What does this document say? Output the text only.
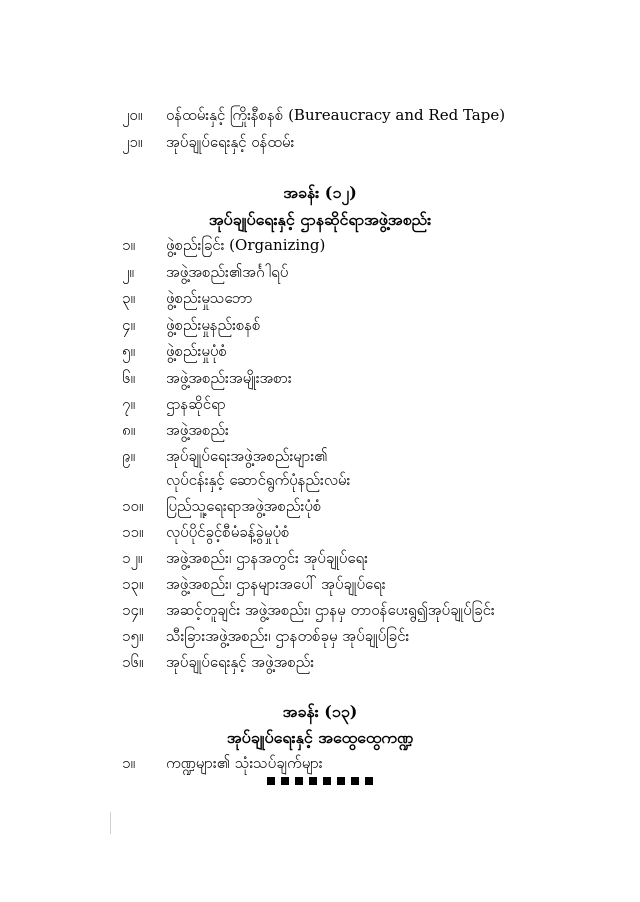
၂၀။	ဝန်ထမ်းနှင့် ကြိုးနီစနစ် (Bureaucracy and Red Tape)
၂၁။	အုပ်ချုပ်ရေးနှင့် ဝန်ထမ်း
အခန်း (၁၂)
အုပ်ချုပ်ရေးနှင့် ဌာနဆိုင်ရာအဖွဲ့အစည်း
၁။	ဖွဲ့စည်းခြင်း (Organizing)
၂။	အဖွဲ့အစည်း၏အင်္ဂါရပ်
၃။	ဖွဲ့စည်းမှုသဘော
၄။	ဖွဲ့စည်းမှုနည်းစနစ်
၅။	ဖွဲ့စည်းမှုပုံစံ
၆။	အဖွဲ့အစည်းအမျိုးအစား
၇။	ဌာနဆိုင်ရာ
၈။	အဖွဲ့အစည်း
၉။	အုပ်ချုပ်ရေးအဖွဲ့အစည်းများ၏
လုပ်ငန်းနှင့် ဆောင်ရွက်ပုံနည်းလမ်း
၁၀။	ပြည်သူ့ရေးရာအဖွဲ့အစည်းပုံစံ
၁၁။	လုပ်ပိုင်ခွင့်စီမံခန့်ခွဲမှုပုံစံ
၁၂။	အဖွဲ့အစည်း၊ ဌာနအတွင်း အုပ်ချုပ်ရေး
၁၃။	အဖွဲ့အစည်း၊ ဌာနများအပေါ် အုပ်ချုပ်ရေး
၁၄။	အဆင့်တူချင်း အဖွဲ့အစည်း၊ ဌာနမှ တာဝန်ပေးရွ၍အုပ်ချုပ်ခြင်း
၁၅။	သီးခြားအဖွဲ့အစည်း၊ ဌာနတစ်ခုမှ အုပ်ချုပ်ခြင်း
၁၆။	အုပ်ချုပ်ရေးနှင့် အဖွဲ့အစည်း
အခန်း (၁၃)
အုပ်ချုပ်ရေးနှင့် အထွေထွေကဏ္ဍ
၁။	ကဏ္ဍများ၏ သုံးသပ်ချက်များ
